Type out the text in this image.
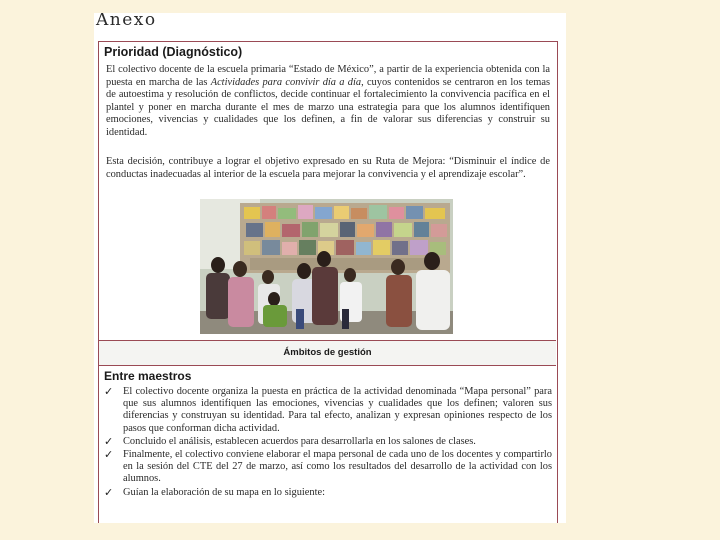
Anexo
Prioridad (Diagnóstico)
El colectivo docente de la escuela primaria “Estado de México”, a partir de la experiencia obtenida con la puesta en marcha de las Actividades para convivir día a día, cuyos contenidos se centraron en los temas de autoestima y resolución de conflictos, decide continuar el fortalecimiento la convivencia pacífica en el plantel y poner en marcha durante el mes de marzo una estrategia para que los alumnos identifiquen emociones, vivencias y cualidades que los definen, a fin de valorar sus diferencias y construir su identidad.
Esta decisión, contribuye a lograr el objetivo expresado en su Ruta de Mejora: “Disminuir el índice de conductas inadecuadas al interior de la escuela para mejorar la convivencia y el aprendizaje escolar”.
Ámbitos de gestión
Entre maestros
✓ El colectivo docente organiza la puesta en práctica de la actividad denominada “Mapa personal” para que sus alumnos identifiquen las emociones, vivencias y cualidades que los definen; valoren sus diferencias y construyan su identidad. Para tal efecto, analizan y expresan opiniones respecto de los pasos que conforman dicha actividad.
✓ Concluido el análisis, establecen acuerdos para desarrollarla en los salones de clases.
✓ Finalmente, el colectivo conviene elaborar el mapa personal de cada uno de los docentes y compartirlo en la sesión del CTE del 27 de marzo, así como los resultados del desarrollo de la actividad con los alumnos.
✓ Guían la elaboración de su mapa en lo siguiente:
